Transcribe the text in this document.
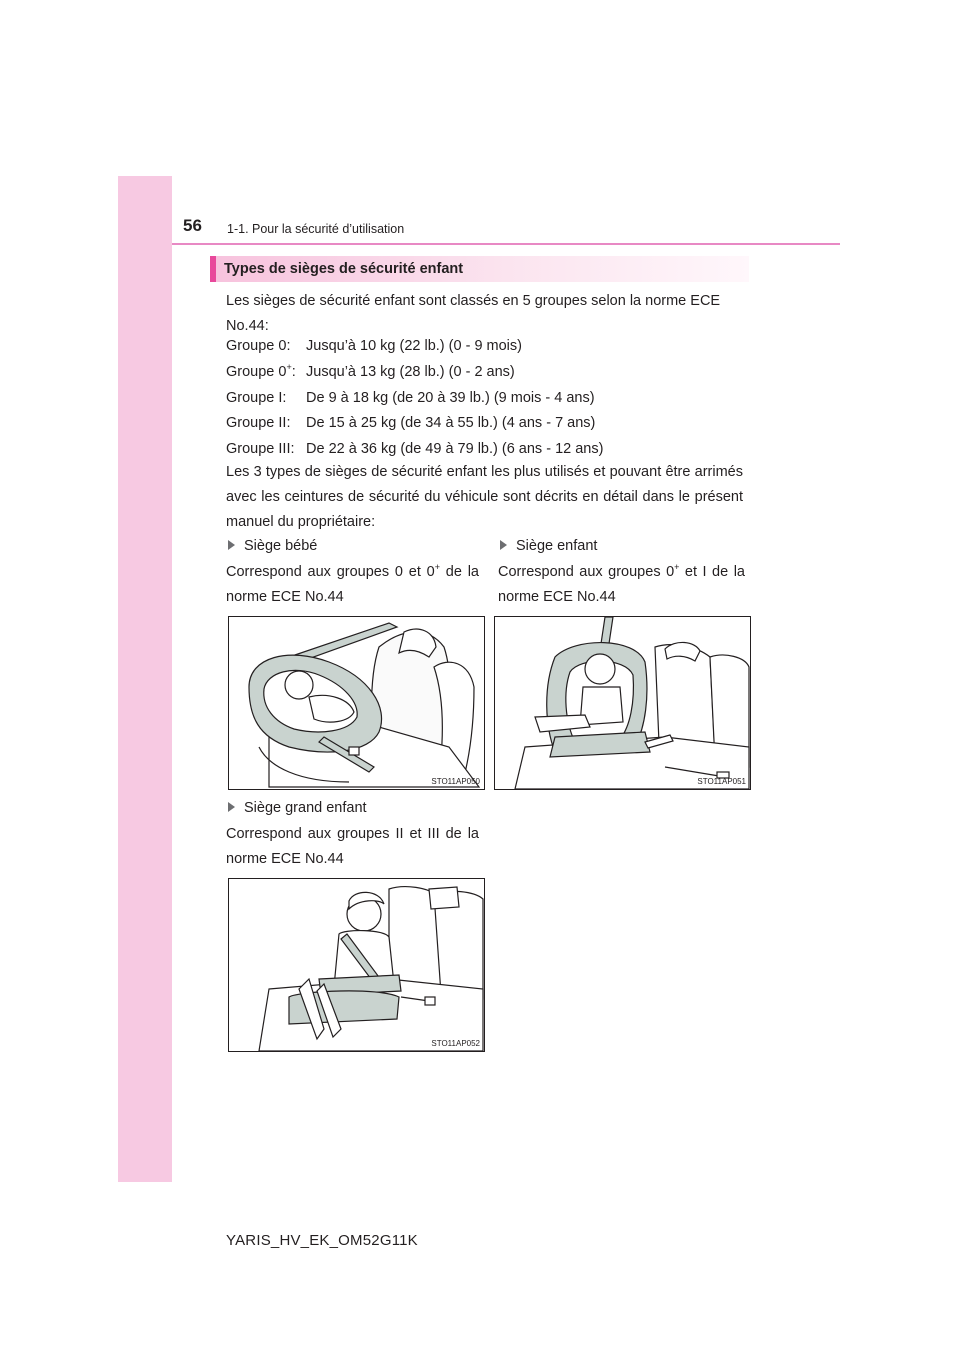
56 1-1. Pour la sécurité d’utilisation
Types de sièges de sécurité enfant
Les sièges de sécurité enfant sont classés en 5 groupes selon la norme ECE
No.44:
Groupe 0: Jusqu’à 10 kg (22 lb.) (0 - 9 mois)
Groupe 0+: Jusqu’à 13 kg (28 lb.) (0 - 2 ans)
Groupe I: De 9 à 18 kg (de 20 à 39 lb.) (9 mois - 4 ans)
Groupe II: De 15 à 25 kg (de 34 à 55 lb.) (4 ans - 7 ans)
Groupe III: De 22 à 36 kg (de 49 à 79 lb.) (6 ans - 12 ans)
Les 3 types de sièges de sécurité enfant les plus utilisés et pouvant être arrimés avec les ceintures de sécurité du véhicule sont décrits en détail dans le présent manuel du propriétaire:
Siège bébé
Correspond aux groupes 0 et 0+ de la norme ECE No.44
Siège enfant
Correspond aux groupes 0+ et I de la norme ECE No.44
STO11AP050	STO11AP051
Siège grand enfant
Correspond aux groupes II et III de la norme ECE No.44
STO11AP052
YARIS_HV_EK_OM52G11K
